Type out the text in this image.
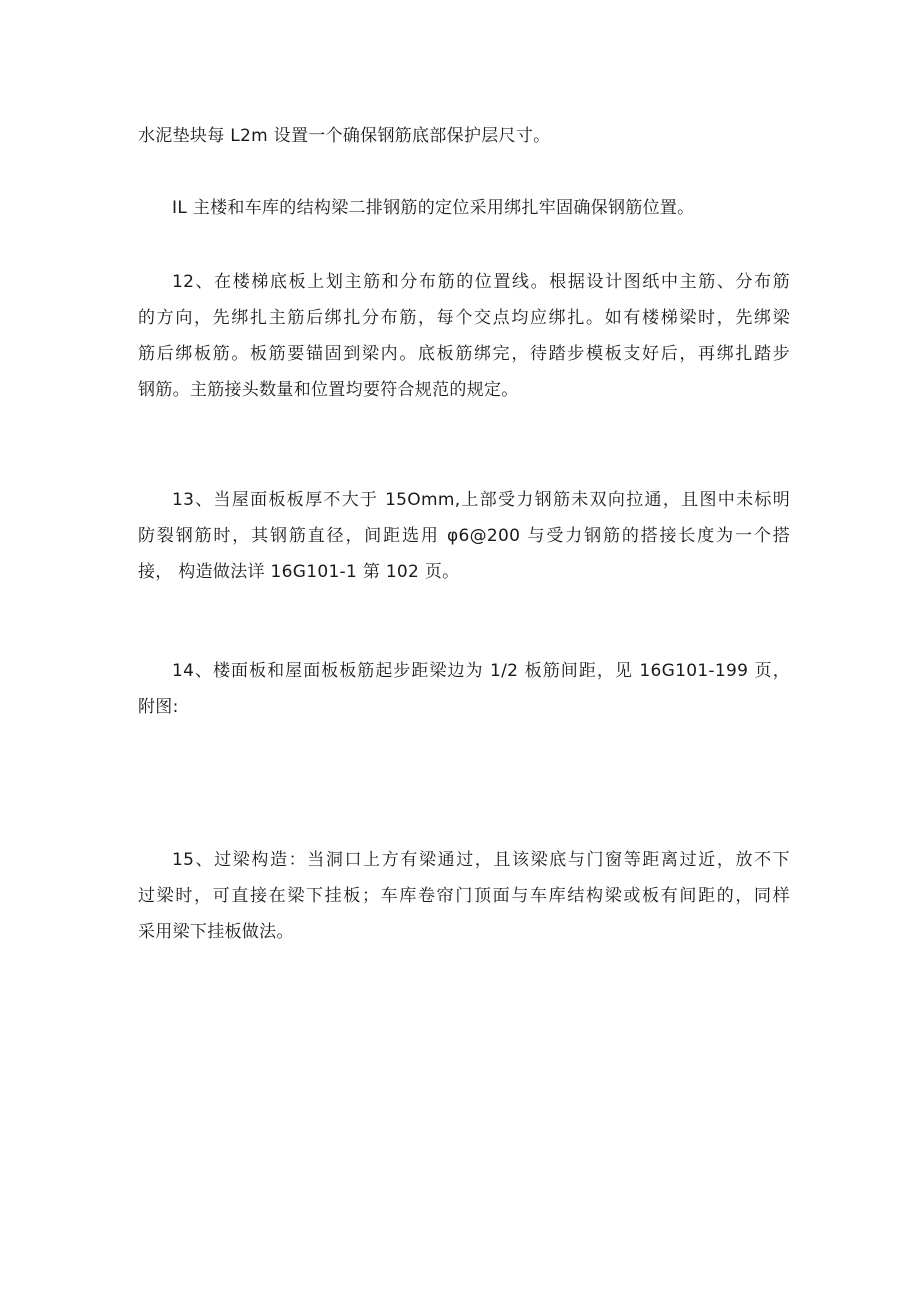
水泥垫块每 L2m 设置一个确保钢筋底部保护层尺寸。

IL 主楼和车库的结构梁二排钢筋的定位采用绑扎牢固确保钢筋位置。

12、在楼梯底板上划主筋和分布筋的位置线。根据设计图纸中主筋、分布筋
的方向，先绑扎主筋后绑扎分布筋，每个交点均应绑扎。如有楼梯梁时，先绑梁
筋后绑板筋。板筋要锚固到梁内。底板筋绑完，待踏步模板支好后，再绑扎踏步
钢筋。主筋接头数量和位置均要符合规范的规定。

13、当屋面板板厚不大于 15Omm,上部受力钢筋未双向拉通，且图中未标明
防裂钢筋时，其钢筋直径，间距选用 φ6@200 与受力钢筋的搭接长度为一个搭
接， 构造做法详 16G101-1 第 102 页。

14、楼面板和屋面板板筋起步距梁边为 1/2 板筋间距，见 16G101-199 页，
附图:

15、过梁构造：当洞口上方有梁通过，且该梁底与门窗等距离过近，放不下
过梁时，可直接在梁下挂板；车库卷帘门顶面与车库结构梁或板有间距的，同样
采用梁下挂板做法。
